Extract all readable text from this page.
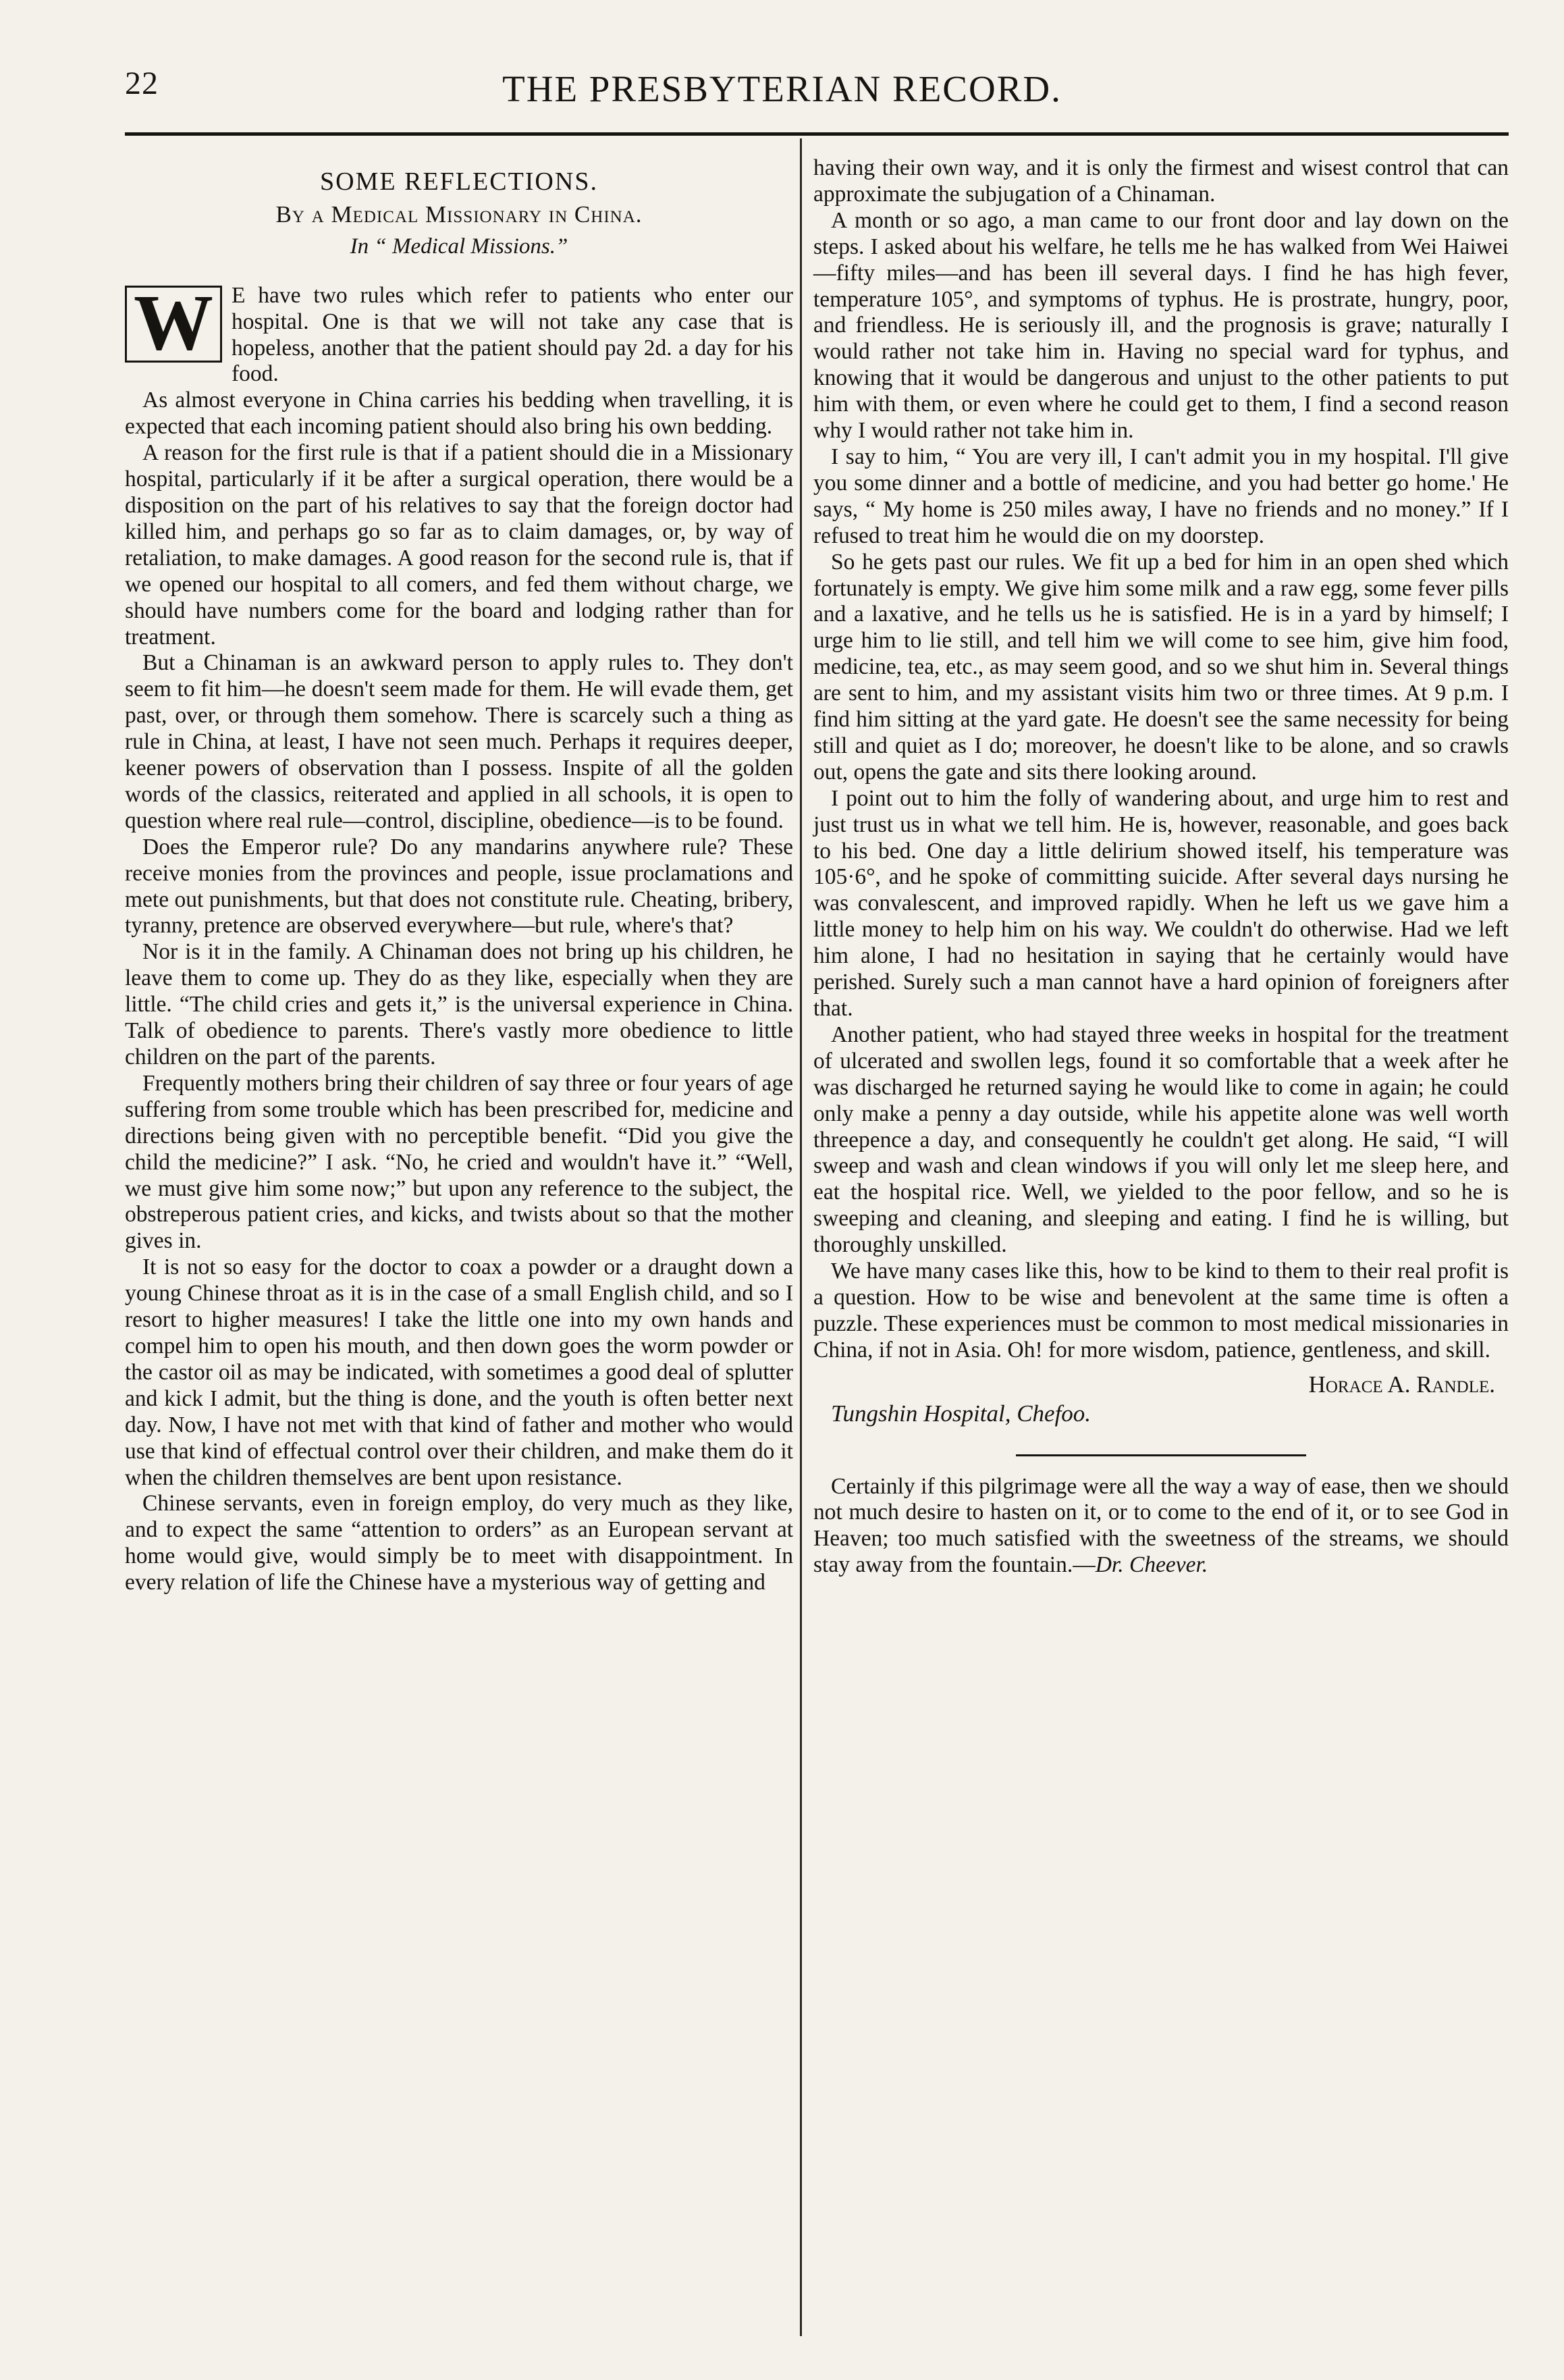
22	THE PRESBYTERIAN RECORD.
SOME REFLECTIONS.
By a Medical Missionary in China.
In “ Medical Missions.”

W E have two rules which refer to patients who enter our hospital. One is that we will not take any case that is hopeless, another that the patient should pay 2d. a day for his food.

As almost everyone in China carries his bedding when travelling, it is expected that each incoming patient should also bring his own bedding.

A reason for the first rule is that if a patient should die in a Missionary hospital, particularly if it be after a surgical operation, there would be a disposition on the part of his relatives to say that the foreign doctor had killed him, and perhaps go so far as to claim damages, or, by way of retaliation, to make damages. A good reason for the second rule is, that if we opened our hospital to all comers, and fed them without charge, we should have numbers come for the board and lodging rather than for treatment.

But a Chinaman is an awkward person to apply rules to. They don't seem to fit him—he doesn't seem made for them. He will evade them, get past, over, or through them somehow. There is scarcely such a thing as rule in China, at least, I have not seen much. Perhaps it requires deeper, keener powers of observation than I possess. Inspite of all the golden words of the classics, reiterated and applied in all schools, it is open to question where real rule—control, discipline, obedience—is to be found.

Does the Emperor rule? Do any mandarins anywhere rule? These receive monies from the provinces and people, issue proclamations and mete out punishments, but that does not constitute rule. Cheating, bribery, tyranny, pretence are observed everywhere—but rule, where's that?

Nor is it in the family. A Chinaman does not bring up his children, he leave them to come up. They do as they like, especially when they are little. “The child cries and gets it,” is the universal experience in China. Talk of obedience to parents. There's vastly more obedience to little children on the part of the parents.

Frequently mothers bring their children of say three or four years of age suffering from some trouble which has been prescribed for, medicine and directions being given with no perceptible benefit. “Did you give the child the medicine?” I ask. “No, he cried and wouldn't have it.” “Well, we must give him some now;” but upon any reference to the subject, the obstreperous patient cries, and kicks, and twists about so that the mother gives in.

It is not so easy for the doctor to coax a powder or a draught down a young Chinese throat as it is in the case of a small English child, and so I resort to higher measures! I take the little one into my own hands and compel him to open his mouth, and then down goes the worm powder or the castor oil as may be indicated, with sometimes a good deal of splutter and kick I admit, but the thing is done, and the youth is often better next day. Now, I have not met with that kind of father and mother who would use that kind of effectual control over their children, and make them do it when the children themselves are bent upon resistance.

Chinese servants, even in foreign employ, do very much as they like, and to expect the same “attention to orders” as an European servant at home would give, would simply be to meet with disappointment. In every relation of life the Chinese have a mysterious way of getting and

having their own way, and it is only the firmest and wisest control that can approximate the subjugation of a Chinaman.

A month or so ago, a man came to our front door and lay down on the steps. I asked about his welfare, he tells me he has walked from Wei Haiwei—fifty miles—and has been ill several days. I find he has high fever, temperature 105°, and symptoms of typhus. He is prostrate, hungry, poor, and friendless. He is seriously ill, and the prognosis is grave; naturally I would rather not take him in. Having no special ward for typhus, and knowing that it would be dangerous and unjust to the other patients to put him with them, or even where he could get to them, I find a second reason why I would rather not take him in.

I say to him, “ You are very ill, I can't admit you in my hospital. I'll give you some dinner and a bottle of medicine, and you had better go home.' He says, “ My home is 250 miles away, I have no friends and no money.” If I refused to treat him he would die on my doorstep.

So he gets past our rules. We fit up a bed for him in an open shed which fortunately is empty. We give him some milk and a raw egg, some fever pills and a laxative, and he tells us he is satisfied. He is in a yard by himself; I urge him to lie still, and tell him we will come to see him, give him food, medicine, tea, etc., as may seem good, and so we shut him in. Several things are sent to him, and my assistant visits him two or three times. At 9 p.m. I find him sitting at the yard gate. He doesn't see the same necessity for being still and quiet as I do; moreover, he doesn't like to be alone, and so crawls out, opens the gate and sits there looking around.

I point out to him the folly of wandering about, and urge him to rest and just trust us in what we tell him. He is, however, reasonable, and goes back to his bed. One day a little delirium showed itself, his temperature was 105·6°, and he spoke of committing suicide. After several days nursing he was convalescent, and improved rapidly. When he left us we gave him a little money to help him on his way. We couldn't do otherwise. Had we left him alone, I had no hesitation in saying that he certainly would have perished. Surely such a man cannot have a hard opinion of foreigners after that.

Another patient, who had stayed three weeks in hospital for the treatment of ulcerated and swollen legs, found it so comfortable that a week after he was discharged he returned saying he would like to come in again; he could only make a penny a day outside, while his appetite alone was well worth threepence a day, and consequently he couldn't get along. He said, “I will sweep and wash and clean windows if you will only let me sleep here, and eat the hospital rice. Well, we yielded to the poor fellow, and so he is sweeping and cleaning, and sleeping and eating. I find he is willing, but thoroughly unskilled.

We have many cases like this, how to be kind to them to their real profit is a question. How to be wise and benevolent at the same time is often a puzzle. These experiences must be common to most medical missionaries in China, if not in Asia. Oh! for more wisdom, patience, gentleness, and skill.

Horace A. Randle.
Tungshin Hospital, Chefoo.

Certainly if this pilgrimage were all the way a way of ease, then we should not much desire to hasten on it, or to come to the end of it, or to see God in Heaven; too much satisfied with the sweetness of the streams, we should stay away from the fountain.—Dr. Cheever.
